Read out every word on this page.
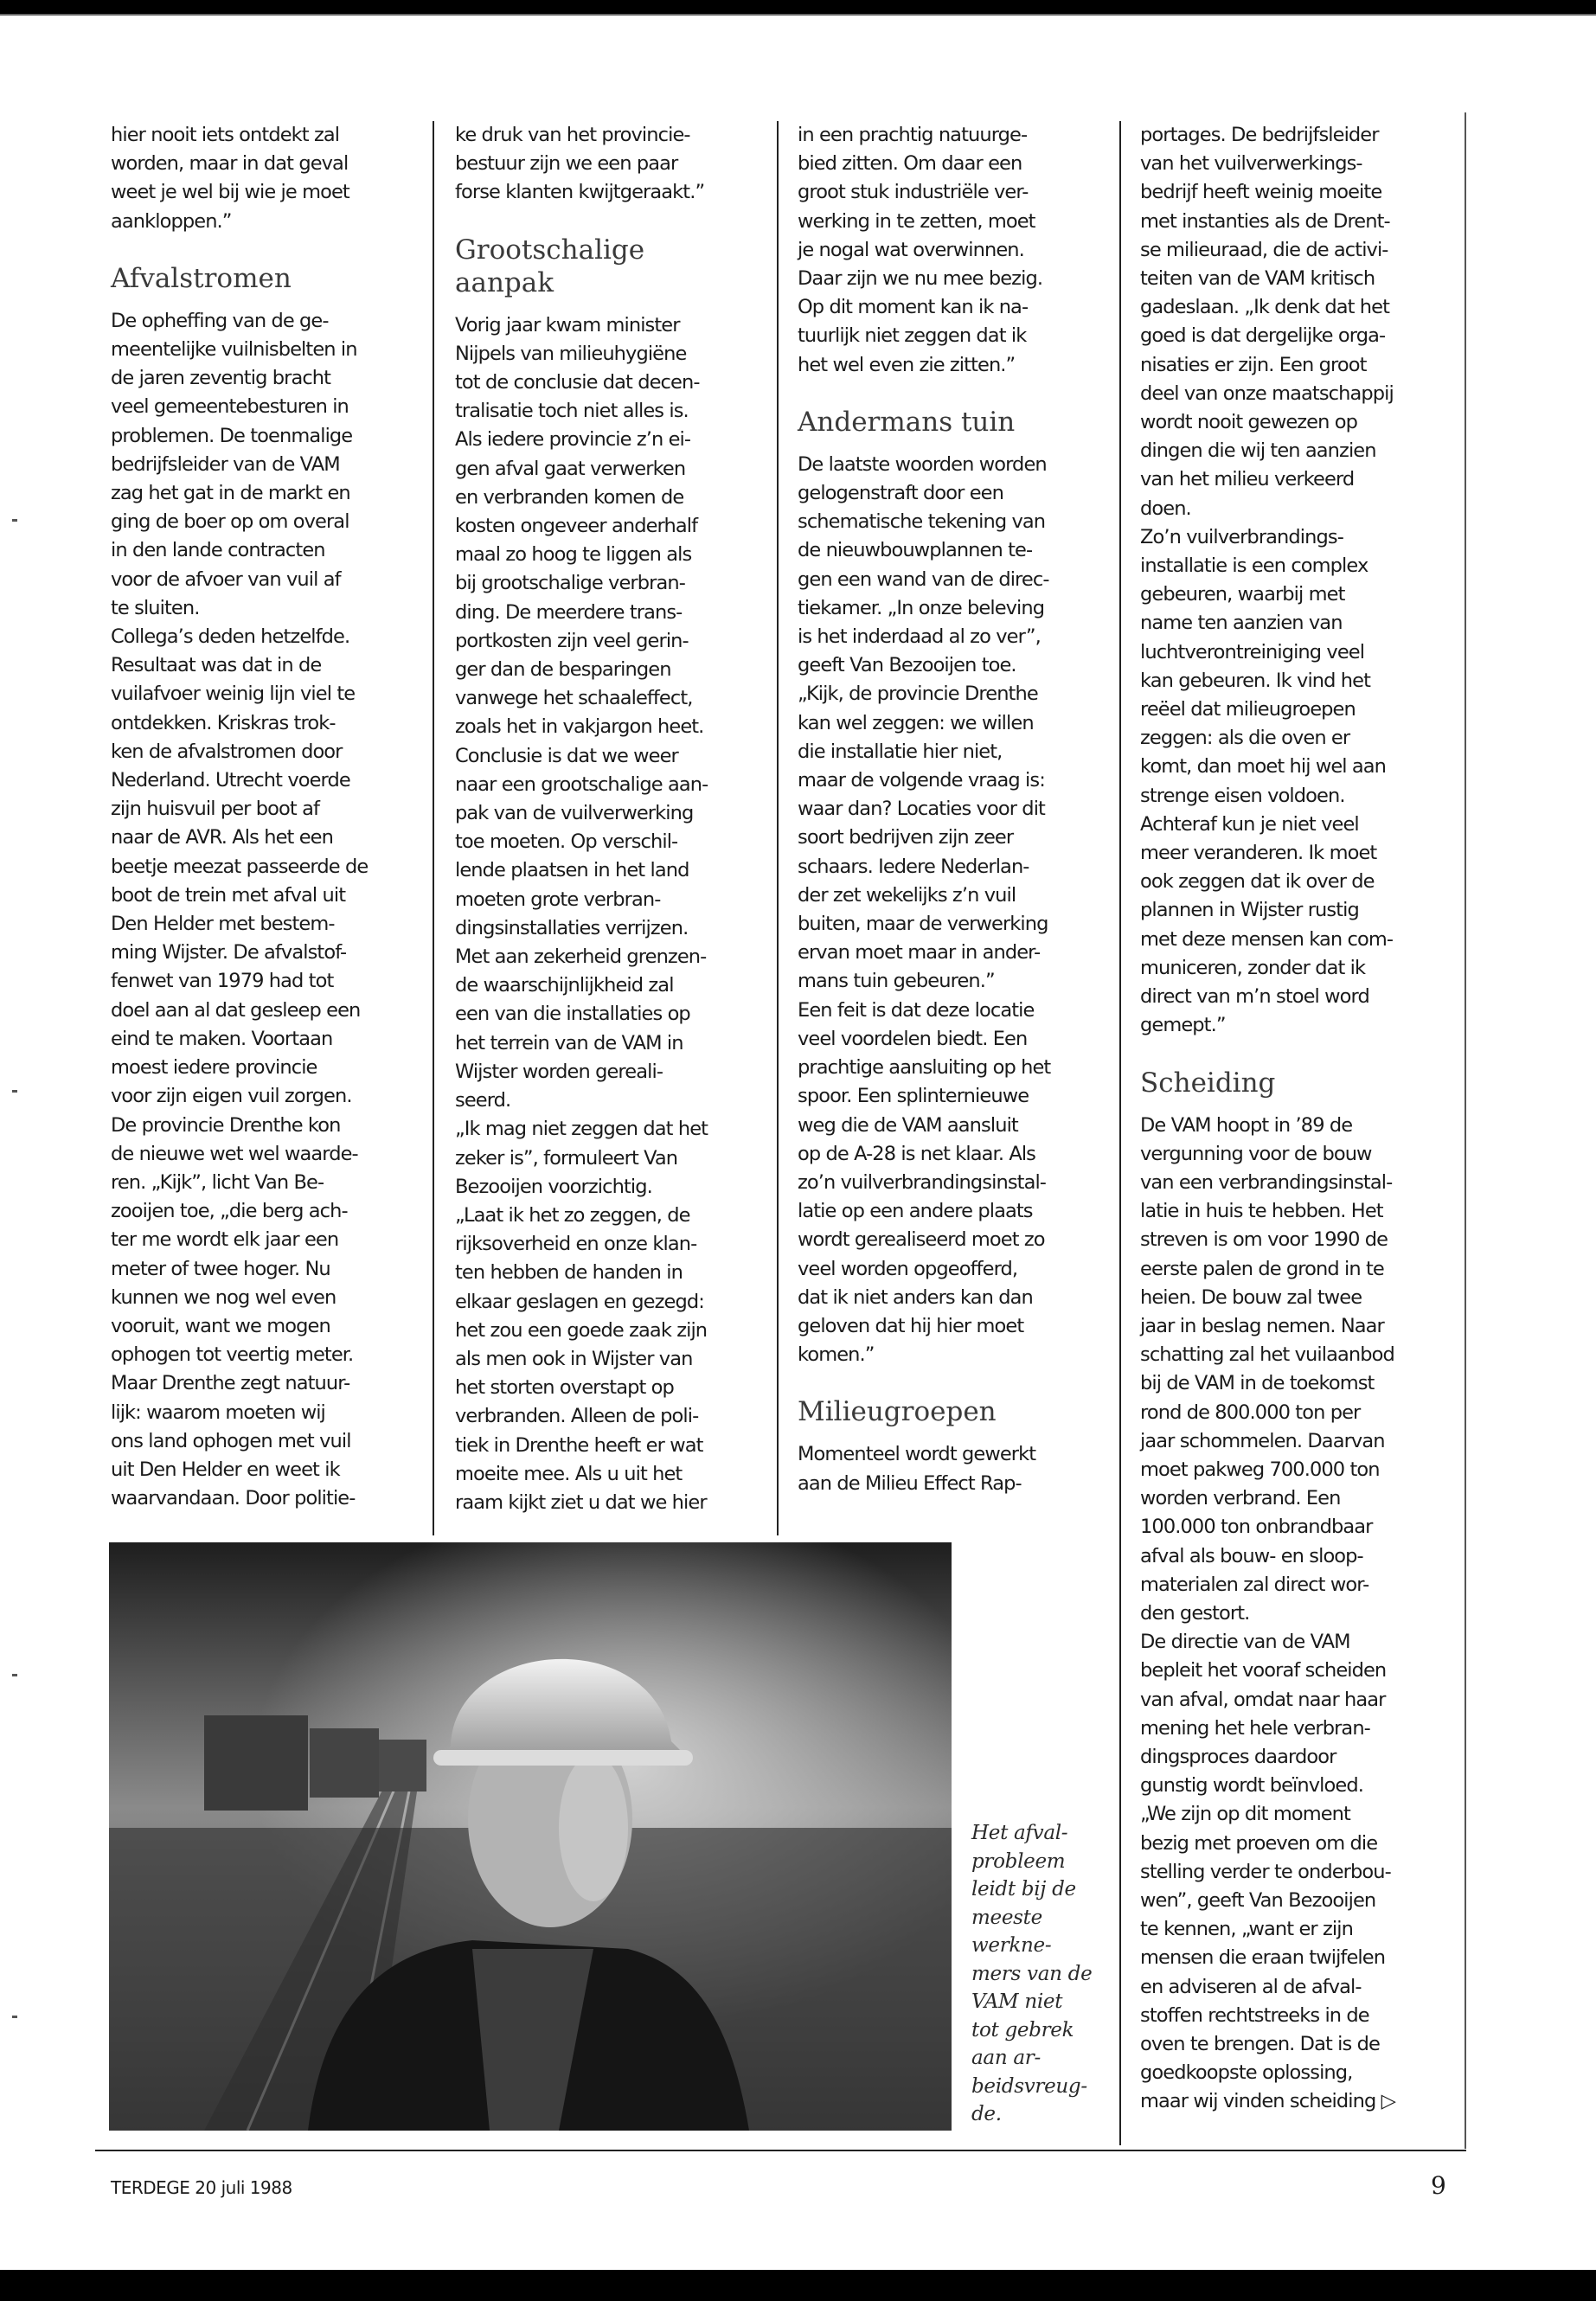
hier nooit iets ontdekt zal

worden, maar in dat geval

weet je wel bij wie je moet

aankloppen.”

Afvalstromen

De opheffing van de ge-

meentelijke vuilnisbelten in

de jaren zeventig bracht

veel gemeentebesturen in

problemen. De toenmalige

bedrijfsleider van de VAM

zag het gat in de markt en

ging de boer op om overal

in den lande contracten

voor de afvoer van vuil af

te sluiten.

Collega’s deden hetzelfde.

Resultaat was dat in de

vuilafvoer weinig lijn viel te

ontdekken. Kriskras trok-

ken de afvalstromen door

Nederland. Utrecht voerde

zijn huisvuil per boot af

naar de AVR. Als het een

beetje meezat passeerde de

boot de trein met afval uit

Den Helder met bestem-

ming Wijster. De afvalstof-

fenwet van 1979 had tot

doel aan al dat gesleep een

eind te maken. Voortaan

moest iedere provincie

voor zijn eigen vuil zorgen.

De provincie Drenthe kon

de nieuwe wet wel waarde-

ren. „Kijk”, licht Van Be-

zooijen toe, „die berg ach-

ter me wordt elk jaar een

meter of twee hoger. Nu

kunnen we nog wel even

vooruit, want we mogen

ophogen tot veertig meter.

Maar Drenthe zegt natuur-

lijk: waarom moeten wij

ons land ophogen met vuil

uit Den Helder en weet ik

waarvandaan. Door politie-

ke druk van het provincie-

bestuur zijn we een paar

forse klanten kwijtgeraakt.”

Grootschalige aanpak

Vorig jaar kwam minister

Nijpels van milieuhygiëne

tot de conclusie dat decen-

tralisatie toch niet alles is.

Als iedere provincie z’n ei-

gen afval gaat verwerken

en verbranden komen de

kosten ongeveer anderhalf

maal zo hoog te liggen als

bij grootschalige verbran-

ding. De meerdere trans-

portkosten zijn veel gerin-

ger dan de besparingen

vanwege het schaaleffect,

zoals het in vakjargon heet.

Conclusie is dat we weer

naar een grootschalige aan-

pak van de vuilverwerking

toe moeten. Op verschil-

lende plaatsen in het land

moeten grote verbran-

dingsinstallaties verrijzen.

Met aan zekerheid grenzen-

de waarschijnlijkheid zal

een van die installaties op

het terrein van de VAM in

Wijster worden gereali-

seerd.

„Ik mag niet zeggen dat het

zeker is”, formuleert Van

Bezooijen voorzichtig.

„Laat ik het zo zeggen, de

rijksoverheid en onze klan-

ten hebben de handen in

elkaar geslagen en gezegd:

het zou een goede zaak zijn

als men ook in Wijster van

het storten overstapt op

verbranden. Alleen de poli-

tiek in Drenthe heeft er wat

moeite mee. Als u uit het

raam kijkt ziet u dat we hier

in een prachtig natuurge-

bied zitten. Om daar een

groot stuk industriële ver-

werking in te zetten, moet

je nogal wat overwinnen.

Daar zijn we nu mee bezig.

Op dit moment kan ik na-

tuurlijk niet zeggen dat ik

het wel even zie zitten.”

Andermans tuin

De laatste woorden worden

gelogenstraft door een

schematische tekening van

de nieuwbouwplannen te-

gen een wand van de direc-

tiekamer. „In onze beleving

is het inderdaad al zo ver”,

geeft Van Bezooijen toe.

„Kijk, de provincie Drenthe

kan wel zeggen: we willen

die installatie hier niet,

maar de volgende vraag is:

waar dan? Locaties voor dit

soort bedrijven zijn zeer

schaars. Iedere Nederlan-

der zet wekelijks z’n vuil

buiten, maar de verwerking

ervan moet maar in ander-

mans tuin gebeuren.”

Een feit is dat deze locatie

veel voordelen biedt. Een

prachtige aansluiting op het

spoor. Een splinternieuwe

weg die de VAM aansluit

op de A-28 is net klaar. Als

zo’n vuilverbrandingsinstal-

latie op een andere plaats

wordt gerealiseerd moet zo

veel worden opgeofferd,

dat ik niet anders kan dan

geloven dat hij hier moet

komen.”

Milieugroepen

Momenteel wordt gewerkt

aan de Milieu Effect Rap-

portages. De bedrijfsleider

van het vuilverwerkings-

bedrijf heeft weinig moeite

met instanties als de Drent-

se milieuraad, die de activi-

teiten van de VAM kritisch

gadeslaan. „Ik denk dat het

goed is dat dergelijke orga-

nisaties er zijn. Een groot

deel van onze maatschappij

wordt nooit gewezen op

dingen die wij ten aanzien

van het milieu verkeerd

doen.

Zo’n vuilverbrandings-

installatie is een complex

gebeuren, waarbij met

name ten aanzien van

luchtverontreiniging veel

kan gebeuren. Ik vind het

reëel dat milieugroepen

zeggen: als die oven er

komt, dan moet hij wel aan

strenge eisen voldoen.

Achteraf kun je niet veel

meer veranderen. Ik moet

ook zeggen dat ik over de

plannen in Wijster rustig

met deze mensen kan com-

municeren, zonder dat ik

direct van m’n stoel word

gemept.”

Scheiding

De VAM hoopt in ’89 de

vergunning voor de bouw

van een verbrandingsinstal-

latie in huis te hebben. Het

streven is om voor 1990 de

eerste palen de grond in te

heien. De bouw zal twee

jaar in beslag nemen. Naar

schatting zal het vuilaanbod

bij de VAM in de toekomst

rond de 800.000 ton per

jaar schommelen. Daarvan

moet pakweg 700.000 ton

worden verbrand. Een

100.000 ton onbrandbaar

afval als bouw- en sloop-

materialen zal direct wor-

den gestort.

De directie van de VAM

bepleit het vooraf scheiden

van afval, omdat naar haar

mening het hele verbran-

dingsproces daardoor

gunstig wordt beïnvloed.

„We zijn op dit moment

bezig met proeven om die

stelling verder te onderbou-

wen”, geeft Van Bezooijen

te kennen, „want er zijn

mensen die eraan twijfelen

en adviseren al de afval-

stoffen rechtstreeks in de

oven te brengen. Dat is de

goedkoopste oplossing,

maar wij vinden scheiding ▷

Het afval-
probleem
leidt bij de
meeste
werkne-
mers van de
VAM niet
tot gebrek
aan ar-
beidsvreug-
de.
TERDEGE 20 juli 1988	9
